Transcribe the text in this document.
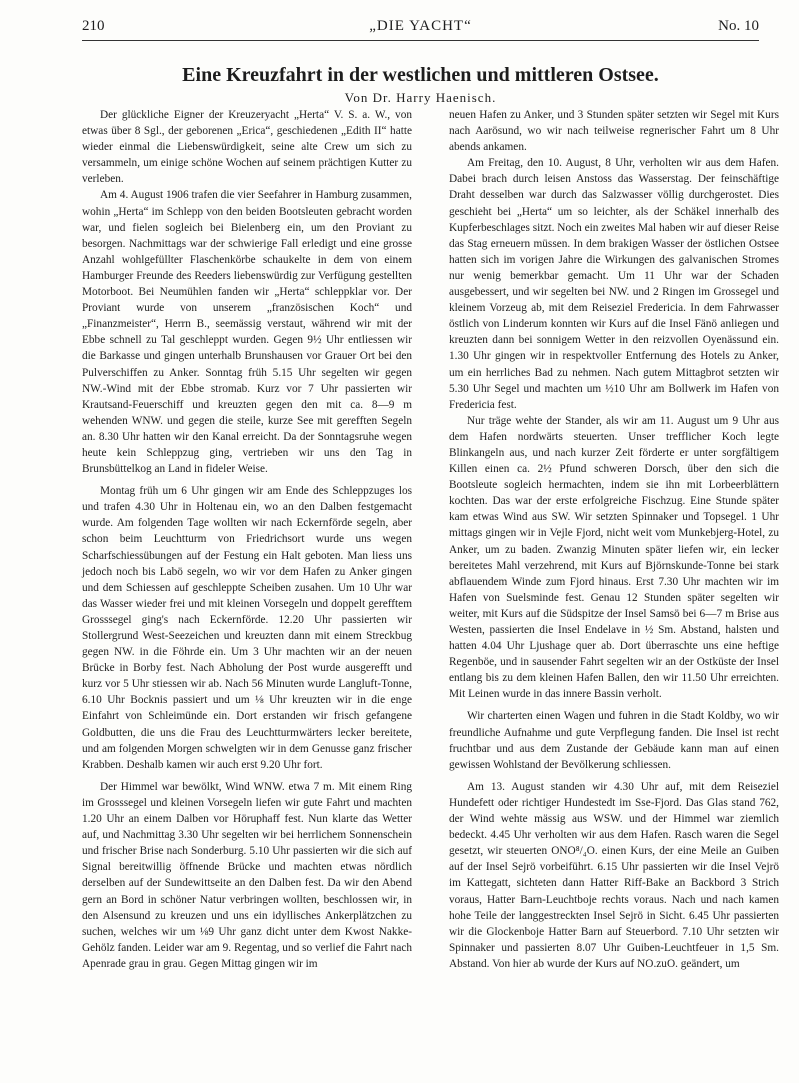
210	„DIE YACHT“	No. 10
Eine Kreuzfahrt in der westlichen und mittleren Ostsee.
Von Dr. Harry Haenisch.

Der glückliche Eigner der Kreuzeryacht „Herta“ V. S. a. W., von etwas über 8 Sgl., der geborenen „Erica“, geschiedenen „Edith II“ hatte wieder einmal die Liebenswürdigkeit, seine alte Crew um sich zu versammeln, um einige schöne Wochen auf seinem prächtigen Kutter zu verleben.

Am 4. August 1906 trafen die vier Seefahrer in Hamburg zusammen, wohin „Herta“ im Schlepp von den beiden Bootsleuten gebracht worden war, und fielen sogleich bei Bielenberg ein, um den Proviant zu besorgen. Nachmittags war der schwierige Fall erledigt und eine grosse Anzahl wohlgefüllter Flaschenkörbe schaukelte in dem von einem Hamburger Freunde des Reeders liebenswürdig zur Verfügung gestellten Motorboot. Bei Neumühlen fanden wir „Herta“ schleppklar vor. Der Proviant wurde von unserem „französischen Koch“ und „Finanzmeister“, Herrn B., seemässig verstaut, während wir mit der Ebbe schnell zu Tal geschleppt wurden. Gegen 9½ Uhr entliessen wir die Barkasse und gingen unterhalb Brunshausen vor Grauer Ort bei den Pulverschiffen zu Anker. Sonntag früh 5.15 Uhr segelten wir gegen NW.-Wind mit der Ebbe stromab. Kurz vor 7 Uhr passierten wir Krautsand-Feuerschiff und kreuzten gegen den mit ca. 8—9 m wehenden WNW. und gegen die steile, kurze See mit gerefften Segeln an. 8.30 Uhr hatten wir den Kanal erreicht. Da der Sonntagsruhe wegen heute kein Schleppzug ging, vertrieben wir uns den Tag in Brunsbüttelkog an Land in fideler Weise.

Montag früh um 6 Uhr gingen wir am Ende des Schleppzuges los und trafen 4.30 Uhr in Holtenau ein, wo an den Dalben festgemacht wurde. Am folgenden Tage wollten wir nach Eckernförde segeln, aber schon beim Leuchtturm von Friedrichsort wurde uns wegen Scharfschiessübungen auf der Festung ein Halt geboten. Man liess uns jedoch noch bis Labö segeln, wo wir vor dem Hafen zu Anker gingen und dem Schiessen auf geschleppte Scheiben zusahen. Um 10 Uhr war das Wasser wieder frei und mit kleinen Vorsegeln und doppelt gerefftem Grosssegel ging's nach Eckernförde. 12.20 Uhr passierten wir Stollergrund West-Seezeichen und kreuzten dann mit einem Streckbug gegen NW. in die Föhrde ein. Um 3 Uhr machten wir an der neuen Brücke in Borby fest. Nach Abholung der Post wurde ausgerefft und kurz vor 5 Uhr stiessen wir ab. Nach 56 Minuten wurde Langluft-Tonne, 6.10 Uhr Bocknis passiert und um ⅛ Uhr kreuzten wir in die enge Einfahrt von Schleimünde ein. Dort erstanden wir frisch gefangene Goldbutten, die uns die Frau des Leuchtturmwärters lecker bereitete, und am folgenden Morgen schwelgten wir in dem Genusse ganz frischer Krabben. Deshalb kamen wir auch erst 9.20 Uhr fort.

Der Himmel war bewölkt, Wind WNW. etwa 7 m. Mit einem Ring im Grosssegel und kleinen Vorsegeln liefen wir gute Fahrt und machten 1.20 Uhr an einem Dalben vor Höruphaff fest. Nun klarte das Wetter auf, und Nachmittag 3.30 Uhr segelten wir bei herrlichem Sonnenschein und frischer Brise nach Sonderburg. 5.10 Uhr passierten wir die sich auf Signal bereitwillig öffnende Brücke und machten etwas nördlich derselben auf der Sundewittseite an den Dalben fest. Da wir den Abend gern an Bord in schöner Natur verbringen wollten, beschlossen wir, in den Alsensund zu kreuzen und uns ein idyllisches Ankerplätzchen zu suchen, welches wir um ⅛9 Uhr ganz dicht unter dem Kwost Nakke-Gehölz fanden. Leider war am 9. Regentag, und so verlief die Fahrt nach Apenrade grau in grau. Gegen Mittag gingen wir im

neuen Hafen zu Anker, und 3 Stunden später setzten wir Segel mit Kurs nach Aarösund, wo wir nach teilweise regnerischer Fahrt um 8 Uhr abends ankamen.

Am Freitag, den 10. August, 8 Uhr, verholten wir aus dem Hafen. Dabei brach durch leisen Anstoss das Wasserstag. Der feinschäftige Draht desselben war durch das Salzwasser völlig durchgerostet. Dies geschieht bei „Herta“ um so leichter, als der Schäkel innerhalb des Kupferbeschlages sitzt. Noch ein zweites Mal haben wir auf dieser Reise das Stag erneuern müssen. In dem brakigen Wasser der östlichen Ostsee hatten sich im vorigen Jahre die Wirkungen des galvanischen Stromes nur wenig bemerkbar gemacht. Um 11 Uhr war der Schaden ausgebessert, und wir segelten bei NW. und 2 Ringen im Grossegel und kleinem Vorzeug ab, mit dem Reiseziel Fredericia. In dem Fahrwasser östlich von Linderum konnten wir Kurs auf die Insel Fänö anliegen und kreuzten dann bei sonnigem Wetter in den reizvollen Oyenässund ein. 1.30 Uhr gingen wir in respektvoller Entfernung des Hotels zu Anker, um ein herrliches Bad zu nehmen. Nach gutem Mittagbrot setzten wir 5.30 Uhr Segel und machten um ½10 Uhr am Bollwerk im Hafen von Fredericia fest.

Nur träge wehte der Stander, als wir am 11. August um 9 Uhr aus dem Hafen nordwärts steuerten. Unser trefflicher Koch legte Blinkangeln aus, und nach kurzer Zeit förderte er unter sorgfältigem Killen einen ca. 2½ Pfund schweren Dorsch, über den sich die Bootsleute sogleich hermachten, indem sie ihn mit Lorbeerblättern kochten. Das war der erste erfolgreiche Fischzug. Eine Stunde später kam etwas Wind aus SW. Wir setzten Spinnaker und Topsegel. 1 Uhr mittags gingen wir in Vejle Fjord, nicht weit vom Munkebjerg-Hotel, zu Anker, um zu baden. Zwanzig Minuten später liefen wir, ein lecker bereitetes Mahl verzehrend, mit Kurs auf Björnskunde-Tonne bei stark abflauendem Winde zum Fjord hinaus. Erst 7.30 Uhr machten wir im Hafen von Suelsminde fest. Genau 12 Stunden später segelten wir weiter, mit Kurs auf die Südspitze der Insel Samsö bei 6—7 m Brise aus Westen, passierten die Insel Endelave in ½ Sm. Abstand, halsten und hatten 4.04 Uhr Ljushage quer ab. Dort überraschte uns eine heftige Regenböe, und in sausender Fahrt segelten wir an der Ostküste der Insel entlang bis zu dem kleinen Hafen Ballen, den wir 11.50 Uhr erreichten. Mit Leinen wurde in das innere Bassin verholt.

Wir charterten einen Wagen und fuhren in die Stadt Koldby, wo wir freundliche Aufnahme und gute Verpflegung fanden. Die Insel ist recht fruchtbar und aus dem Zustande der Gebäude kann man auf einen gewissen Wohlstand der Bevölkerung schliessen.

Am 13. August standen wir 4.30 Uhr auf, mit dem Reiseziel Hundefett oder richtiger Hundestedt im Sse-Fjord. Das Glas stand 762, der Wind wehte mässig aus WSW. und der Himmel war ziemlich bedeckt. 4.45 Uhr verholten wir aus dem Hafen. Rasch waren die Segel gesetzt, wir steuerten ONO⁸/₄O. einen Kurs, der eine Meile an Guiben auf der Insel Sejrö vorbeiführt. 6.15 Uhr passierten wir die Insel Vejrö im Kattegatt, sichteten dann Hatter Riff-Bake an Backbord 3 Strich voraus, Hatter Barn-Leuchtboje rechts voraus. Nach und nach kamen hohe Teile der langgestreckten Insel Sejrö in Sicht. 6.45 Uhr passierten wir die Glockenboje Hatter Barn auf Steuerbord. 7.10 Uhr setzten wir Spinnaker und passierten 8.07 Uhr Guiben-Leuchtfeuer in 1,5 Sm. Abstand. Von hier ab wurde der Kurs auf NO.zuO. geändert, um
